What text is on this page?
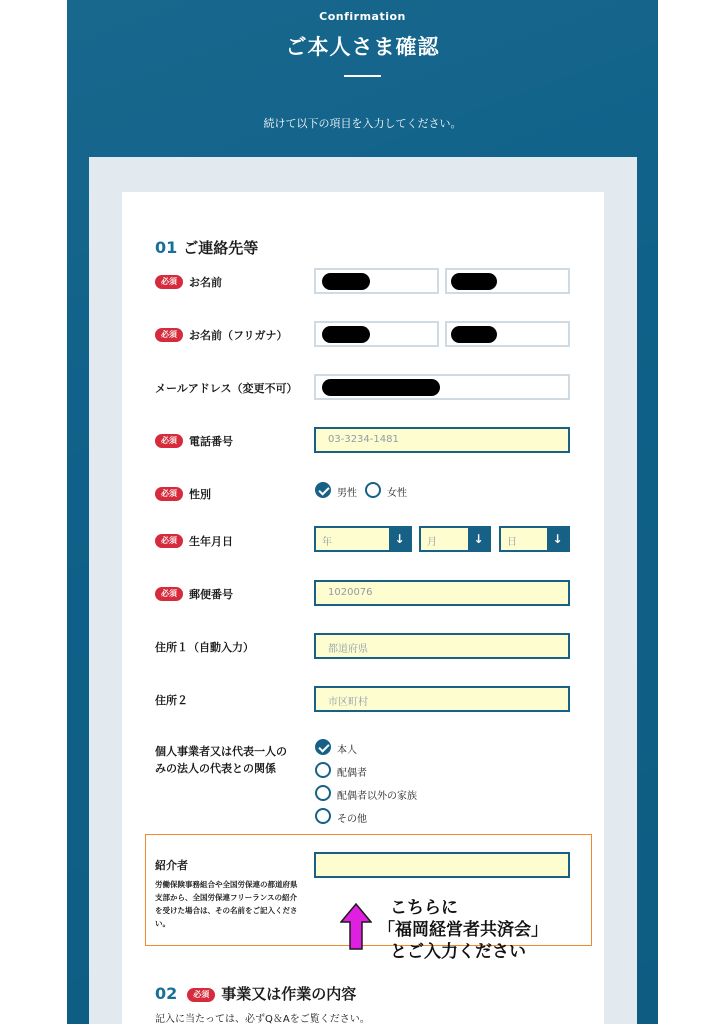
Confirmation
ご本人さま確認
続けて以下の項目を入力してください。
01 ご連絡先等
必須 お名前
必須 お名前（フリガナ）
メールアドレス（変更不可）
必須 電話番号	03-3234-1481
必須 性別	男性	女性
必須 生年月日	年	↓	月	↓	日	↓
必須 郵便番号	1020076
住所１（自動入力）	都道府県
住所２	市区町村
個人事業者又は代表一人の
みの法人の代表との関係
本人
配偶者
配偶者以外の家族
その他
紹介者
労働保険事務組合や全国労保連の都道府県支部から、全国労保連フリーランスの紹介を受けた場合は、その名前をご記入ください。
こちらに
「福岡経営者共済会」
とご入力ください
02 必須 事業又は作業の内容
記入に当たっては、必ずQ＆Aをご覧ください。
